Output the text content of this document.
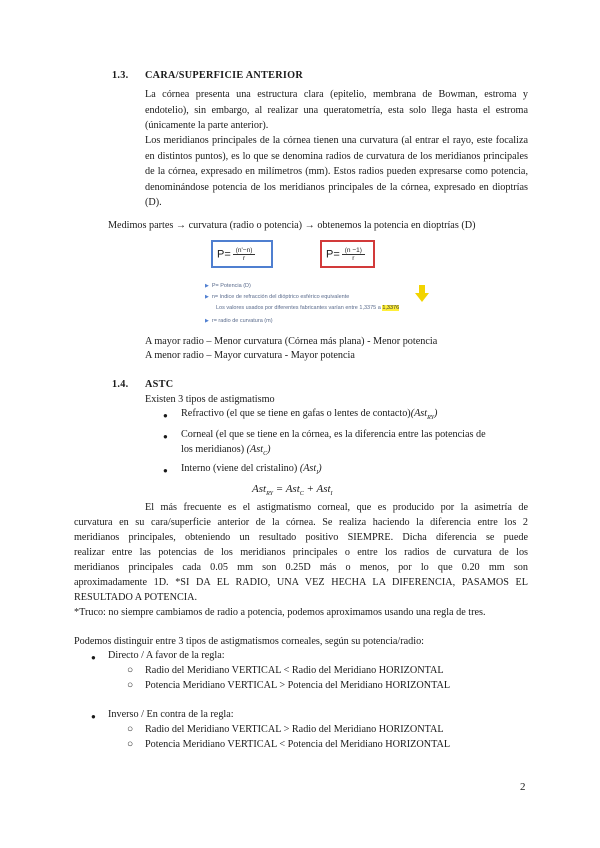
1.3. CARA/SUPERFICIE ANTERIOR

La córnea presenta una estructura clara (epitelio, membrana de Bowman, estroma y endotelio), sin embargo, al realizar una queratometría, esta solo llega hasta el estroma (únicamente la parte anterior).

Los meridianos principales de la córnea tienen una curvatura (al entrar el rayo, este focaliza en distintos puntos), es lo que se denomina radios de curvatura de los meridianos principales de la córnea, expresado en milímetros (mm). Estos radios pueden expresarse como potencia, denominándose potencia de los meridianos principales de la córnea, expresado en dioptrías (D).

Medimos partes → curvatura (radio o potencia) → obtenemos la potencia en dioptrías (D)
$P= \frac{(n'-n)}{r}$	$P= \frac{(n -1)}{r}$
▶ P= Potencia (D)
▶ n= índice de refracción del dióptrico esférico equivalente
Los valores usados por diferentes fabricantes varían entre 1,3375 a 1,3376
▶ r= radio de curvatura (m)
A mayor radio – Menor curvatura (Córnea más plana) - Menor potencia
A menor radio – Mayor curvatura - Mayor potencia
1.4. ASTC
Existen 3 tipos de astigmatismo
● Refractivo (el que se tiene en gafas o lentes de contacto)(Ast$_{RY}$)
● Corneal (el que se tiene en la córnea, es la diferencia entre las potencias de
los meridianos) (Ast$_C$)
● Interno (viene del cristalino) (Ast$_I$)
Ast$_{RY}$ = Ast$_C$ + Ast$_I$
El más frecuente es el astigmatismo corneal, que es producido por la asimetría de
curvatura en su cara/superficie anterior de la córnea. Se realiza haciendo la diferencia entre los 2
meridianos principales, obteniendo un resultado positivo SIEMPRE. Dicha diferencia se puede
realizar entre las potencias de los meridianos principales o entre los radios de curvatura de los
meridianos principales cada 0.05 mm son 0.25D más o menos, por lo que 0.20 mm son
aproximadamente 1D. *SI DA EL RADIO, UNA VEZ HECHA LA DIFERENCIA, PASAMOS EL
RESULTADO A POTENCIA.
*Truco: no siempre cambiamos de radio a potencia, podemos aproximamos usando una regla de tres.
Podemos distinguir entre 3 tipos de astigmatismos corneales, según su potencia/radio:
● Directo / A favor de la regla:
○ Radio del Meridiano VERTICAL < Radio del Meridiano HORIZONTAL
○ Potencia Meridiano VERTICAL > Potencia del Meridiano HORIZONTAL
● Inverso / En contra de la regla:
○ Radio del Meridiano VERTICAL > Radio del Meridiano HORIZONTAL
○ Potencia Meridiano VERTICAL < Potencia del Meridiano HORIZONTAL
2
